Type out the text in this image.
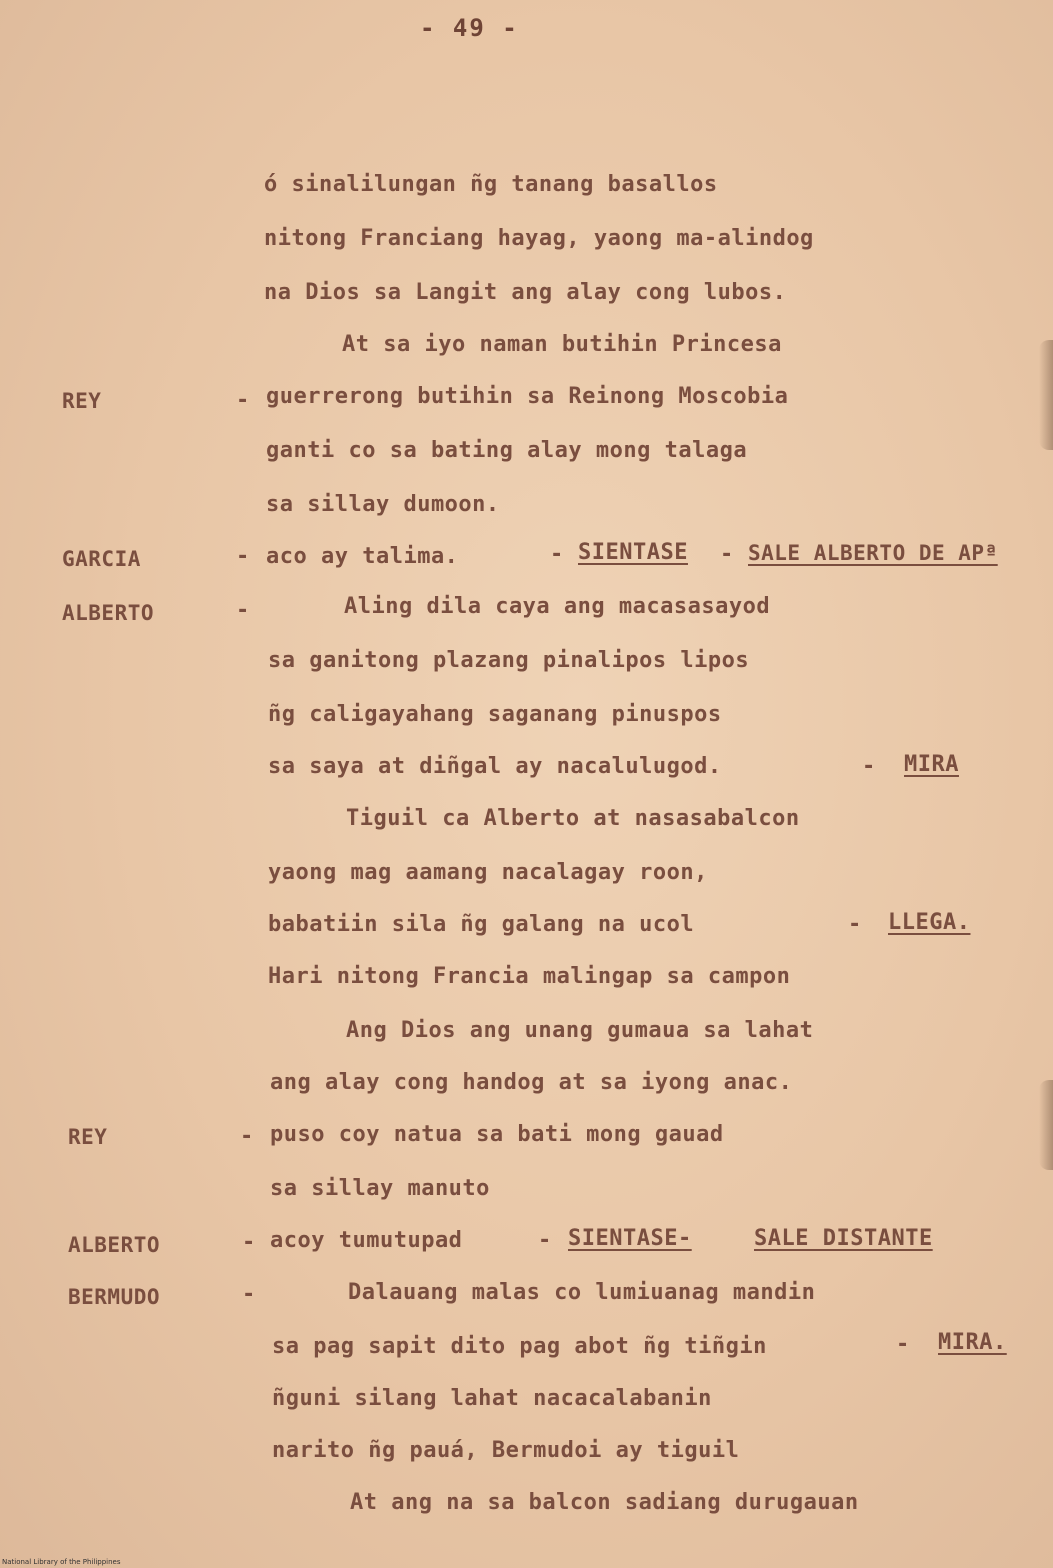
- 49 -
ó sinalilungan ñg tanang basallos
nitong Franciang hayag, yaong ma-alindog
na Dios sa Langit ang alay cong lubos.
At sa iyo naman butihin Princesa
REY	- guerrerong butihin sa Reinong Moscobia
ganti co sa bating alay mong talaga
sa sillay dumoon.
GARCIA	- aco ay talima.	- SIENTASE - SALE ALBERTO DE APª
ALBERTO	-	Aling dila caya ang macasasayod
sa ganitong plazang pinalipos lipos
ñg caligayahang saganang pinuspos
sa saya at diñgal ay nacalulugod.	- MIRA
Tiguil ca Alberto at nasasabalcon
yaong mag aamang nacalagay roon,
babatiin sila ñg galang na ucol	- LLEGA.
Hari nitong Francia malingap sa campon
Ang Dios ang unang gumaua sa lahat
ang alay cong handog at sa iyong anac.
REY	- puso coy natua sa bati mong gauad
sa sillay manuto
ALBERTO	- acoy tumutupad	- SIENTASE-	SALE DISTANTE
BERMUDO	-	Dalauang malas co lumiuanag mandin
sa pag sapit dito pag abot ñg tiñgin	- MIRA.
ñguni silang lahat nacacalabanin
narito ñg pauá, Bermudoi ay tiguil
At ang na sa balcon sadiang durugauan
National Library of the Philippines
